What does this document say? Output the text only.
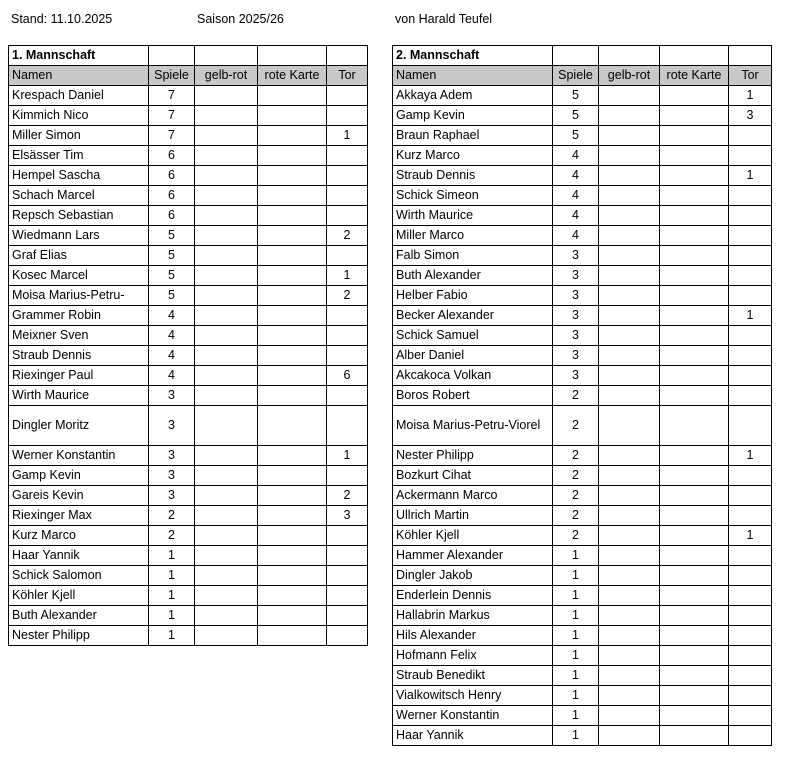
Stand: 11.10.2025	Saison 2025/26	von Harald Teufel
1. Mannschaft				
Namen	Spiele	gelb-rot	rote Karte	Tor
Krespach Daniel	7			
Kimmich Nico	7			
Miller Simon	7			1
Elsässer Tim	6			
Hempel Sascha	6			
Schach Marcel	6			
Repsch Sebastian	6			
Wiedmann Lars	5			2
Graf Elias	5			
Kosec Marcel	5			1
Moisa Marius-Petru-	5			2
Grammer Robin	4			
Meixner Sven	4			
Straub Dennis	4			
Riexinger Paul	4			6
Wirth Maurice	3			
Dingler Moritz	3			
Werner Konstantin	3			1
Gamp Kevin	3			
Gareis Kevin	3			2
Riexinger Max	2			3
Kurz Marco	2			
Haar Yannik	1			
Schick Salomon	1			
Köhler Kjell	1			
Buth Alexander	1			
Nester Philipp	1			
2. Mannschaft				
Namen	Spiele	gelb-rot	rote Karte	Tor
Akkaya Adem	5			1
Gamp Kevin	5			3
Braun Raphael	5			
Kurz Marco	4			
Straub Dennis	4			1
Schick Simeon	4			
Wirth Maurice	4			
Miller Marco	4			
Falb Simon	3			
Buth Alexander	3			
Helber Fabio	3			
Becker Alexander	3			1
Schick Samuel	3			
Alber Daniel	3			
Akcakoca Volkan	3			
Boros Robert	2			
Moisa Marius-Petru-Viorel	2			
Nester Philipp	2			1
Bozkurt Cihat	2			
Ackermann Marco	2			
Ullrich Martin	2			
Köhler Kjell	2			1
Hammer Alexander	1			
Dingler Jakob	1			
Enderlein Dennis	1			
Hallabrin Markus	1			
Hils Alexander	1			
Hofmann Felix	1			
Straub Benedikt	1			
Vialkowitsch Henry	1			
Werner Konstantin	1			
Haar Yannik	1			
